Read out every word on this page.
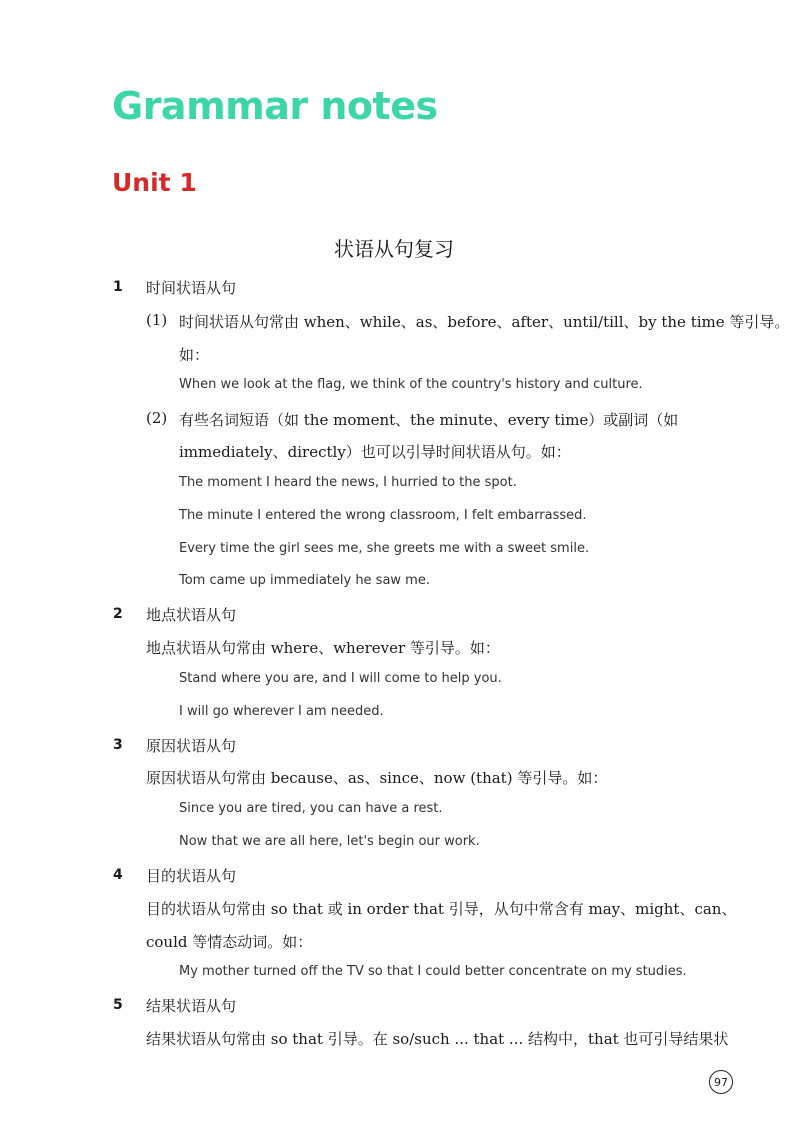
Grammar notes
Unit 1
状语从句复习
1 时间状语从句
(1) 时间状语从句常由 when、while、as、before、after、until/till、by the time 等引导。
如：
When we look at the flag, we think of the country's history and culture.
(2) 有些名词短语（如 the moment、the minute、every time）或副词（如
immediately、directly）也可以引导时间状语从句。如：
The moment I heard the news, I hurried to the spot.
The minute I entered the wrong classroom, I felt embarrassed.
Every time the girl sees me, she greets me with a sweet smile.
Tom came up immediately he saw me.
2 地点状语从句
地点状语从句常由 where、wherever 等引导。如：
Stand where you are, and I will come to help you.
I will go wherever I am needed.
3 原因状语从句
原因状语从句常由 because、as、since、now (that) 等引导。如：
Since you are tired, you can have a rest.
Now that we are all here, let's begin our work.
4 目的状语从句
目的状语从句常由 so that 或 in order that 引导，从句中常含有 may、might、can、
could 等情态动词。如：
My mother turned off the TV so that I could better concentrate on my studies.
5 结果状语从句
结果状语从句常由 so that 引导。在 so/such ... that ... 结构中，that 也可引导结果状
97
